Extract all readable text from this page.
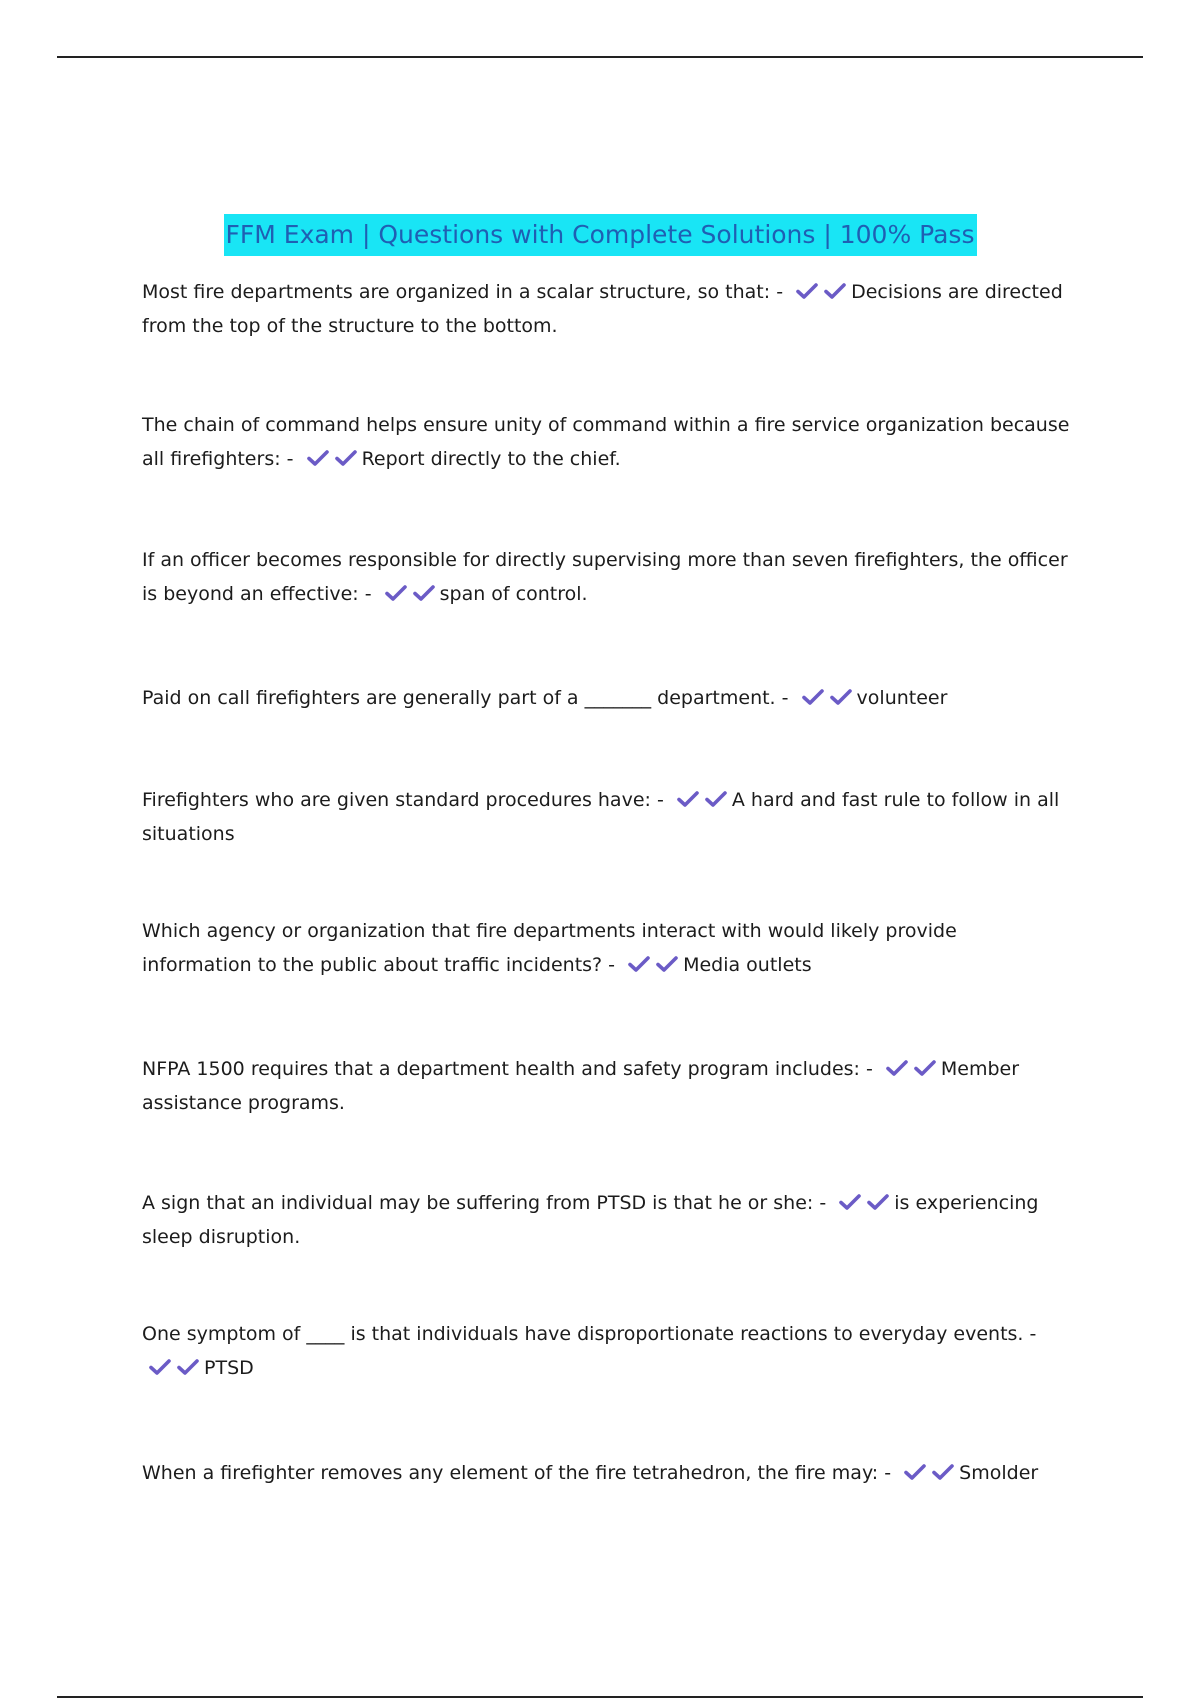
FFM Exam | Questions with Complete Solutions | 100% Pass
Most fire departments are organized in a scalar structure, so that: -	Decisions are directed from the top of the structure to the bottom.
The chain of command helps ensure unity of command within a fire service organization because all firefighters: -	Report directly to the chief.
If an officer becomes responsible for directly supervising more than seven firefighters, the officer is beyond an effective: -	span of control.
Paid on call firefighters are generally part of a _______ department. -	volunteer
Firefighters who are given standard procedures have: -	A hard and fast rule to follow in all situations
Which agency or organization that fire departments interact with would likely provide information to the public about traffic incidents? -	Media outlets
NFPA 1500 requires that a department health and safety program includes: -	Member assistance programs.
A sign that an individual may be suffering from PTSD is that he or she: -	is experiencing sleep disruption.
One symptom of ____ is that individuals have disproportionate reactions to everyday events. -
PTSD
When a firefighter removes any element of the fire tetrahedron, the fire may: -	Smolder
